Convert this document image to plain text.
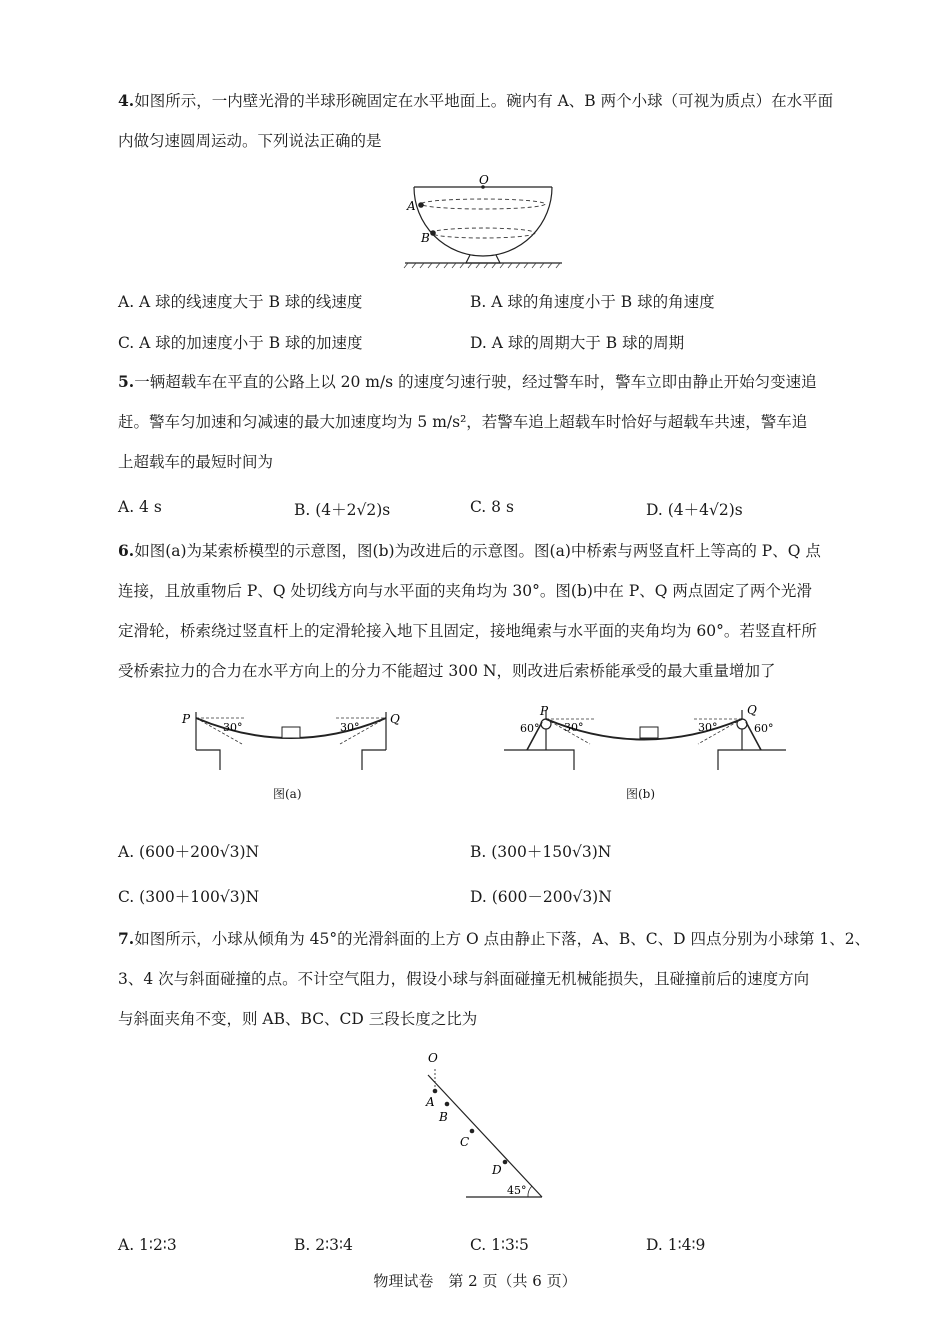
4.如图所示，一内壁光滑的半球形碗固定在水平地面上。碗内有 A、B 两个小球（可视为质点）在水平面
内做匀速圆周运动。下列说法正确的是
O
A
B
A. A 球的线速度大于 B 球的线速度	B. A 球的角速度小于 B 球的角速度
C. A 球的加速度小于 B 球的加速度	D. A 球的周期大于 B 球的周期
5.一辆超载车在平直的公路上以 20 m/s 的速度匀速行驶，经过警车时，警车立即由静止开始匀变速追
赶。警车匀加速和匀减速的最大加速度均为 5 m/s²，若警车追上超载车时恰好与超载车共速，警车追
上超载车的最短时间为
A. 4 s	B. (4＋2√2)s	C. 8 s	D. (4＋4√2)s
6.如图(a)为某索桥模型的示意图，图(b)为改进后的示意图。图(a)中桥索与两竖直杆上等高的 P、Q 点
连接，且放重物后 P、Q 处切线方向与水平面的夹角均为 30°。图(b)中在 P、Q 两点固定了两个光滑
定滑轮，桥索绕过竖直杆上的定滑轮接入地下且固定，接地绳索与水平面的夹角均为 60°。若竖直杆所
受桥索拉力的合力在水平方向上的分力不能超过 300 N，则改进后索桥能承受的最大重量增加了
P	Q
30°	30°
图(a)
P	Q
30°	30°
60°	60°
图(b)
A. (600＋200√3)N	B. (300＋150√3)N
C. (300＋100√3)N	D. (600－200√3)N
7.如图所示，小球从倾角为 45°的光滑斜面的上方 O 点由静止下落，A、B、C、D 四点分别为小球第 1、2、
3、4 次与斜面碰撞的点。不计空气阻力，假设小球与斜面碰撞无机械能损失，且碰撞前后的速度方向
与斜面夹角不变，则 AB、BC、CD 三段长度之比为
O
A
B
C
D
45°
A. 1∶2∶3	B. 2∶3∶4	C. 1∶3∶5	D. 1∶4∶9
物理试卷　第 2 页（共 6 页）
